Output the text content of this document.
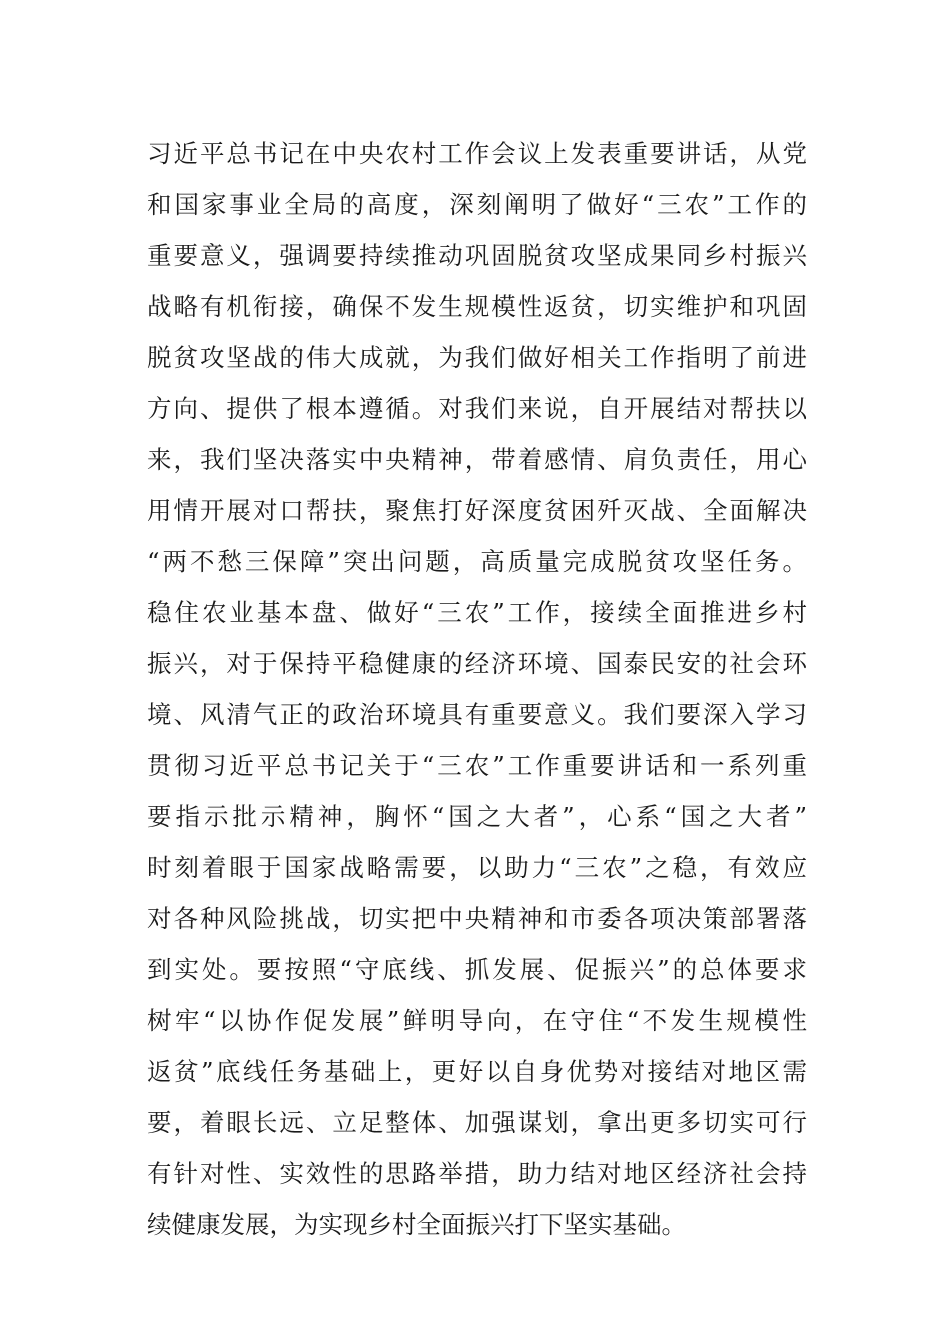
习近平总书记在中央农村工作会议上发表重要讲话，从党
和国家事业全局的高度，深刻阐明了做好“三农”工作的
重要意义，强调要持续推动巩固脱贫攻坚成果同乡村振兴
战略有机衔接，确保不发生规模性返贫，切实维护和巩固
脱贫攻坚战的伟大成就，为我们做好相关工作指明了前进
方向、提供了根本遵循。对我们来说，自开展结对帮扶以
来，我们坚决落实中央精神，带着感情、肩负责任，用心
用情开展对口帮扶，聚焦打好深度贫困歼灭战、全面解决
“两不愁三保障”突出问题，高质量完成脱贫攻坚任务。
稳住农业基本盘、做好“三农”工作，接续全面推进乡村
振兴，对于保持平稳健康的经济环境、国泰民安的社会环
境、风清气正的政治环境具有重要意义。我们要深入学习
贯彻习近平总书记关于“三农”工作重要讲话和一系列重
要指示批示精神，胸怀“国之大者”，心系“国之大者”
时刻着眼于国家战略需要，以助力“三农”之稳，有效应
对各种风险挑战，切实把中央精神和市委各项决策部署落
到实处。要按照“守底线、抓发展、促振兴”的总体要求
树牢“以协作促发展”鲜明导向，在守住“不发生规模性
返贫”底线任务基础上，更好以自身优势对接结对地区需
要，着眼长远、立足整体、加强谋划，拿出更多切实可行
有针对性、实效性的思路举措，助力结对地区经济社会持
续健康发展，为实现乡村全面振兴打下坚实基础。
